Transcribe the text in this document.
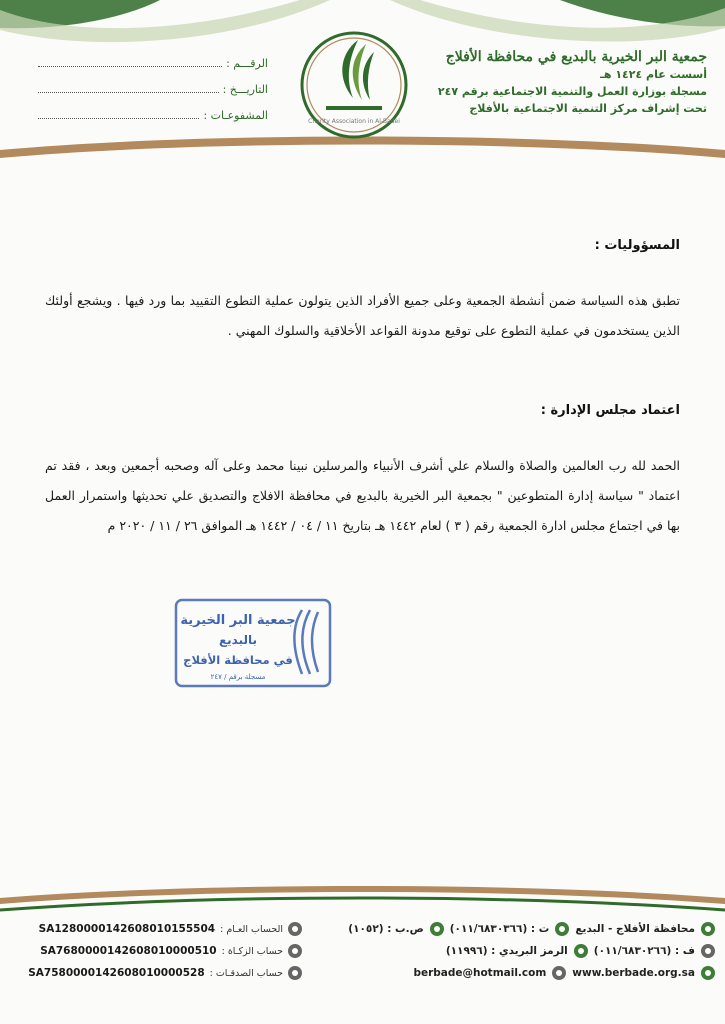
Charity Association in Al-Badei
جمعية البر الخيرية بالبديع في محافظة الأفلاج
أسست عام ١٤٢٤ هـ
مسجلة بوزارة العمل والتنمية الاجتماعية برقم ٢٤٧
تحت إشراف مركز التنمية الاجتماعية بالأفلاج
الرقـــم :
التاريـــخ :
المشفوعـات :
المسؤوليات :
تطبق هذه السياسة ضمن أنشطة الجمعية وعلى جميع الأفراد الذين يتولون عملية التطوع التقييد بما ورد فيها . ويشجع أولئك الذين يستخدمون في عملية التطوع على توقيع مدونة القواعد الأخلاقية والسلوك المهني .
اعتماد مجلس الإدارة :
الحمد لله رب العالمين والصلاة والسلام علي أشرف الأنبياء والمرسلين نبينا محمد وعلى آله وصحبه أجمعين وبعد ، فقد تم اعتماد " سياسة إدارة المتطوعين " بجمعية البر الخيرية بالبديع في محافظة الافلاج والتصديق علي تحديثها واستمرار العمل بها في اجتماع مجلس ادارة الجمعية رقم ( ٣ ) لعام ١٤٤٢ هـ بتاريخ ١١ / ٠٤ / ١٤٤٢ هـ الموافق ٢٦ / ١١ / ٢٠٢٠ م
جمعية البر الخيرية
بالبديع
في محافظة الأفلاج
مسجلة برقم / ٢٤٧
الحساب العـام :
SA1280000142608010155504
حساب الزكـاة :
SA7680000142608010000510
حساب الصدقـات :
SA7580000142608010000528
محافظة الأفلاج - البديع
ت : (٠١١/٦٨٣٠٣٦٦)
ص.ب : (١٠٥٢)
ف : (٠١١/٦٨٣٠٢٦٦)
الرمز البريدي : (١١٩٩٦)
www.berbade.org.sa
berbade@hotmail.com
